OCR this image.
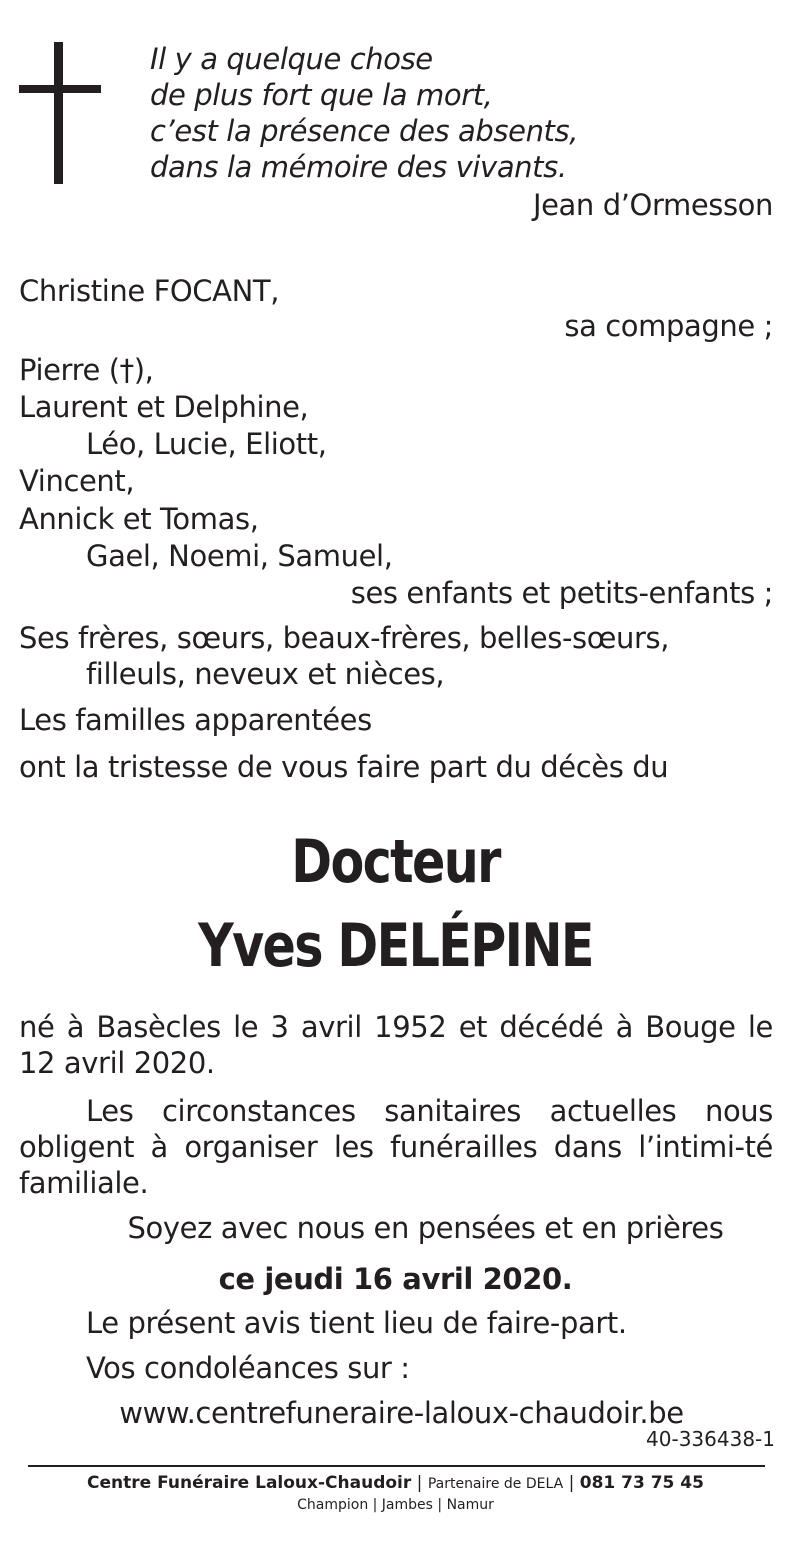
Il y a quelque chose
de plus fort que la mort,
c’est la présence des absents,
dans la mémoire des vivants.
Jean d’Ormesson
Christine FOCANT,
sa compagne ;
Pierre (†),
Laurent et Delphine,
Léo, Lucie, Eliott,
Vincent,
Annick et Tomas,
Gael, Noemi, Samuel,
ses enfants et petits-enfants ;
Ses frères, sœurs, beaux-frères, belles-sœurs,
filleuls, neveux et nièces,
Les familles apparentées
ont la tristesse de vous faire part du décès du
Docteur
Yves DELÉPINE
né à Basècles le 3 avril 1952 et décédé à Bouge le 12 avril 2020.
Les circonstances sanitaires actuelles nous obligent à organiser les funérailles dans l’intimi-té familiale.
Soyez avec nous en pensées et en prières
ce jeudi 16 avril 2020.
Le présent avis tient lieu de faire-part.
Vos condoléances sur :
www.centrefuneraire-laloux-chaudoir.be
40-336438-1
Centre Funéraire Laloux-Chaudoir | Partenaire de DELA | 081 73 75 45
Champion | Jambes | Namur
